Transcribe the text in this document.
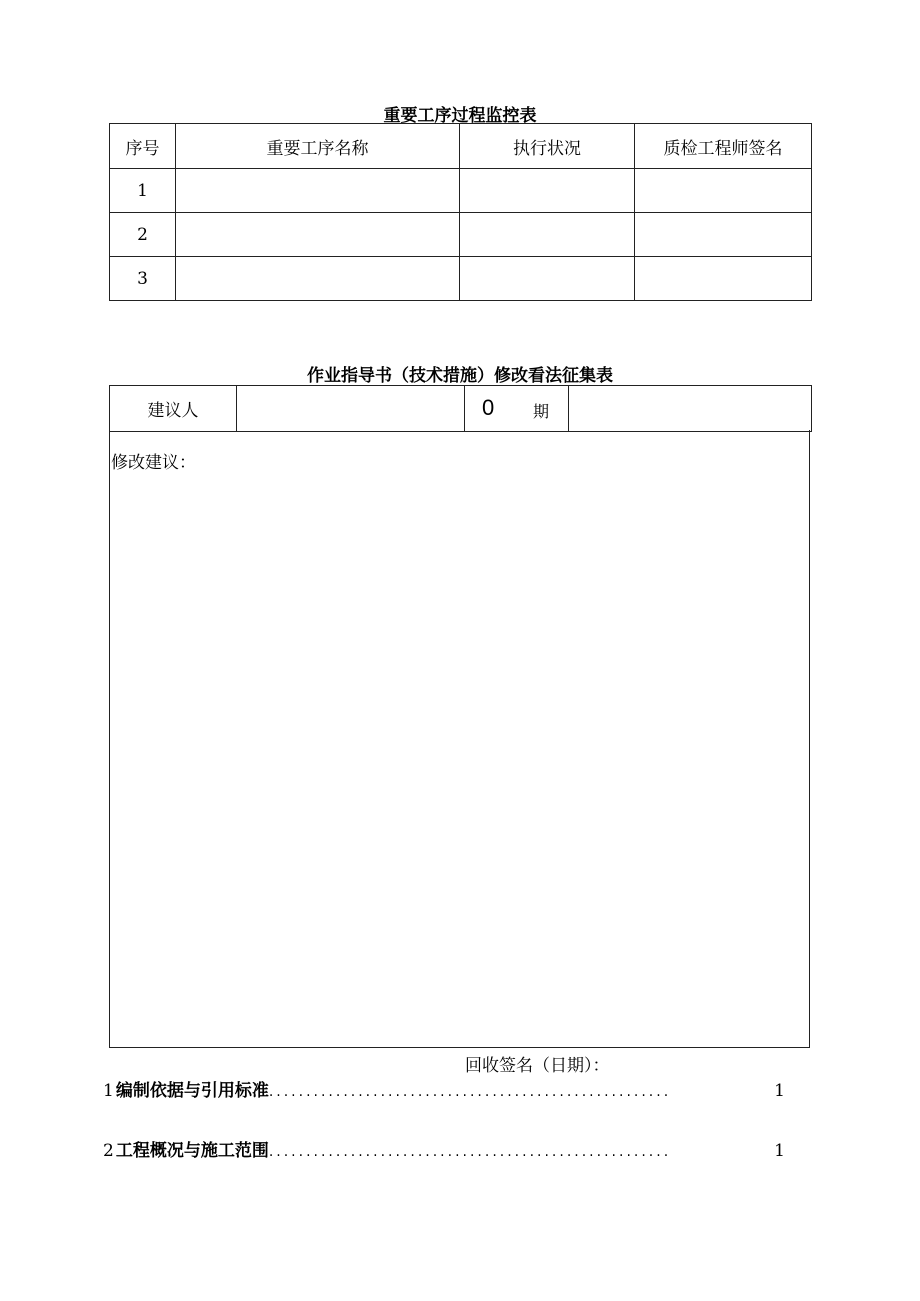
重要工序过程监控表
序号	重要工序名称	执行状况	质检工程师签名
1			
2			
3			
作业指导书（技术措施）修改看法征集表
建议人		0 期

修改建议：
回收签名（日期）：
1 编制依据与引用标准 ......................................................	1
2 工程概况与施工范围 ......................................................	1
